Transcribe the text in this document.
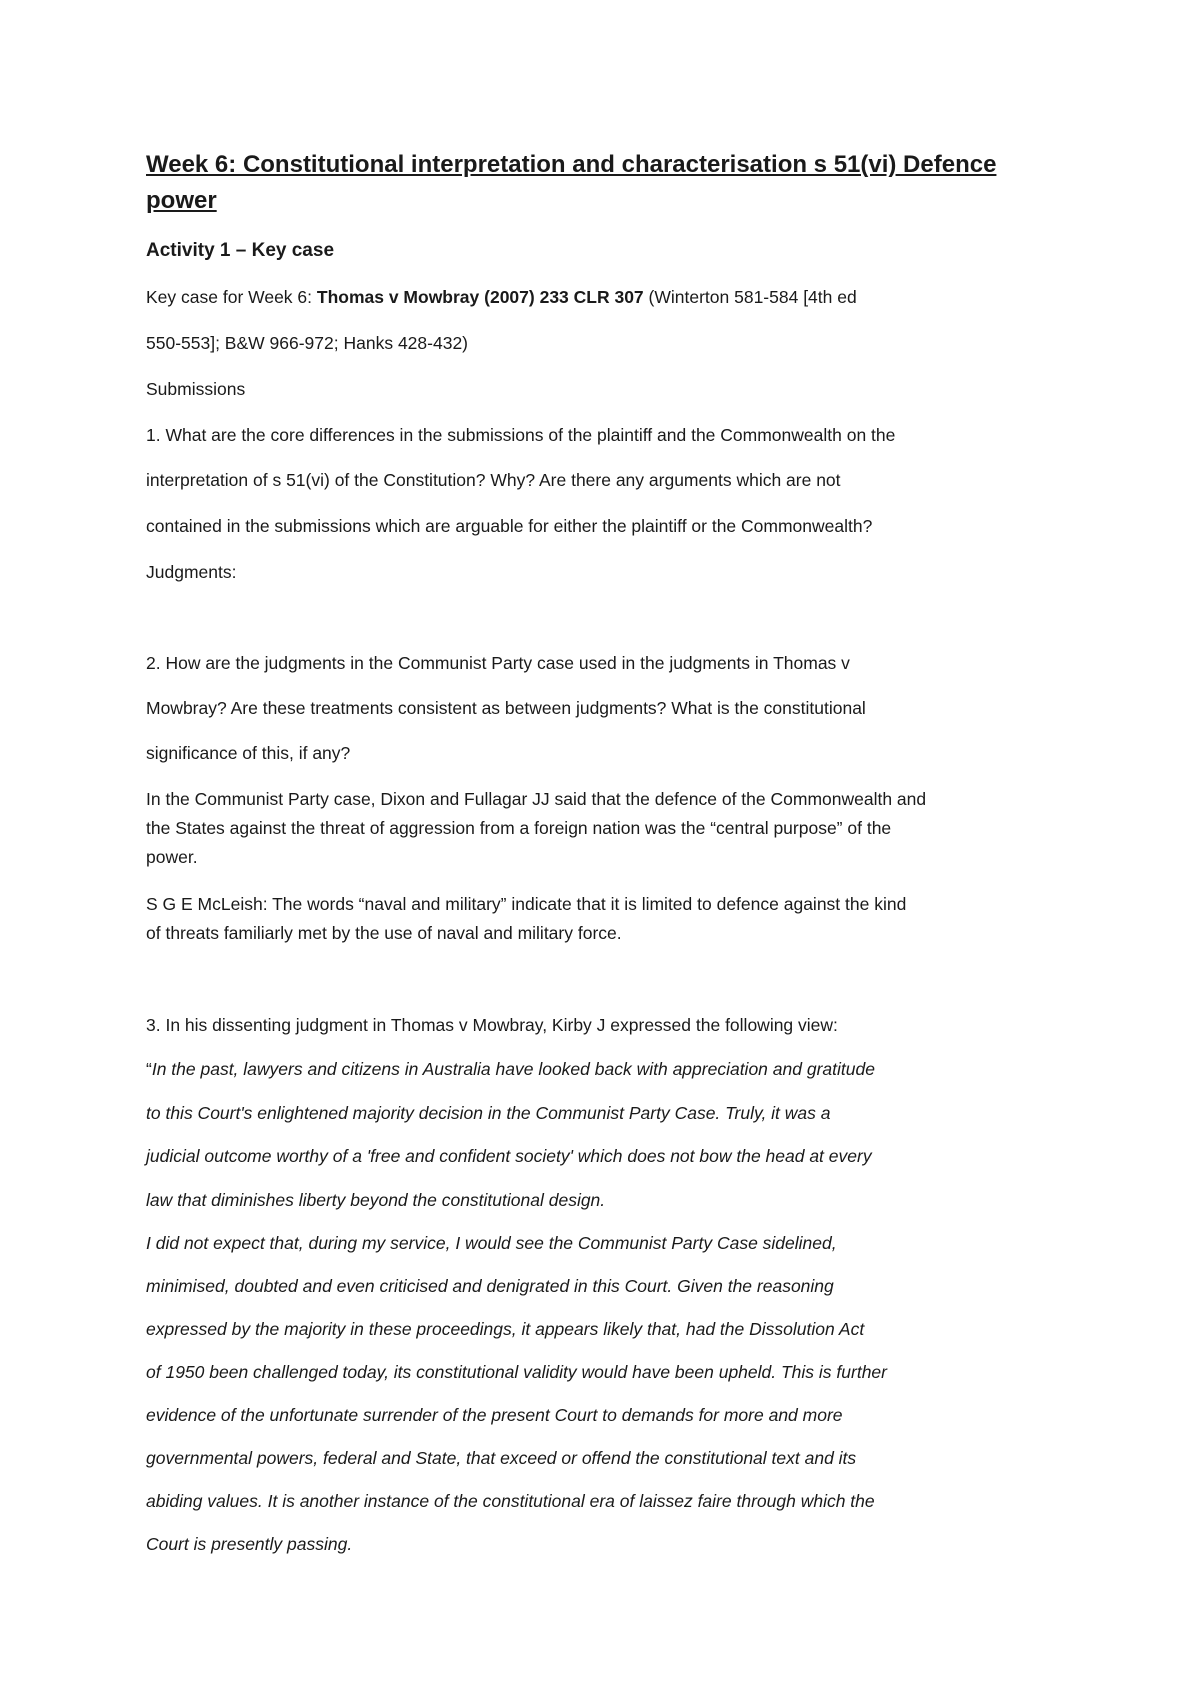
Week 6: Constitutional interpretation and characterisation s 51(vi) Defence
power
Activity 1 – Key case
Key case for Week 6: Thomas v Mowbray (2007) 233 CLR 307 (Winterton 581-584 [4th ed
550-553]; B&W 966-972; Hanks 428-432)
Submissions
1. What are the core differences in the submissions of the plaintiff and the Commonwealth on the
interpretation of s 51(vi) of the Constitution? Why? Are there any arguments which are not
contained in the submissions which are arguable for either the plaintiff or the Commonwealth?
Judgments:
2. How are the judgments in the Communist Party case used in the judgments in Thomas v
Mowbray? Are these treatments consistent as between judgments? What is the constitutional
significance of this, if any?
In the Communist Party case, Dixon and Fullagar JJ said that the defence of the Commonwealth and
the States against the threat of aggression from a foreign nation was the “central purpose” of the
power.
S G E McLeish: The words “naval and military” indicate that it is limited to defence against the kind
of threats familiarly met by the use of naval and military force.
3. In his dissenting judgment in Thomas v Mowbray, Kirby J expressed the following view:
“In the past, lawyers and citizens in Australia have looked back with appreciation and gratitude
to this Court's enlightened majority decision in the Communist Party Case. Truly, it was a
judicial outcome worthy of a 'free and confident society' which does not bow the head at every
law that diminishes liberty beyond the constitutional design.
I did not expect that, during my service, I would see the Communist Party Case sidelined,
minimised, doubted and even criticised and denigrated in this Court. Given the reasoning
expressed by the majority in these proceedings, it appears likely that, had the Dissolution Act
of 1950 been challenged today, its constitutional validity would have been upheld. This is further
evidence of the unfortunate surrender of the present Court to demands for more and more
governmental powers, federal and State, that exceed or offend the constitutional text and its
abiding values. It is another instance of the constitutional era of laissez faire through which the
Court is presently passing.
